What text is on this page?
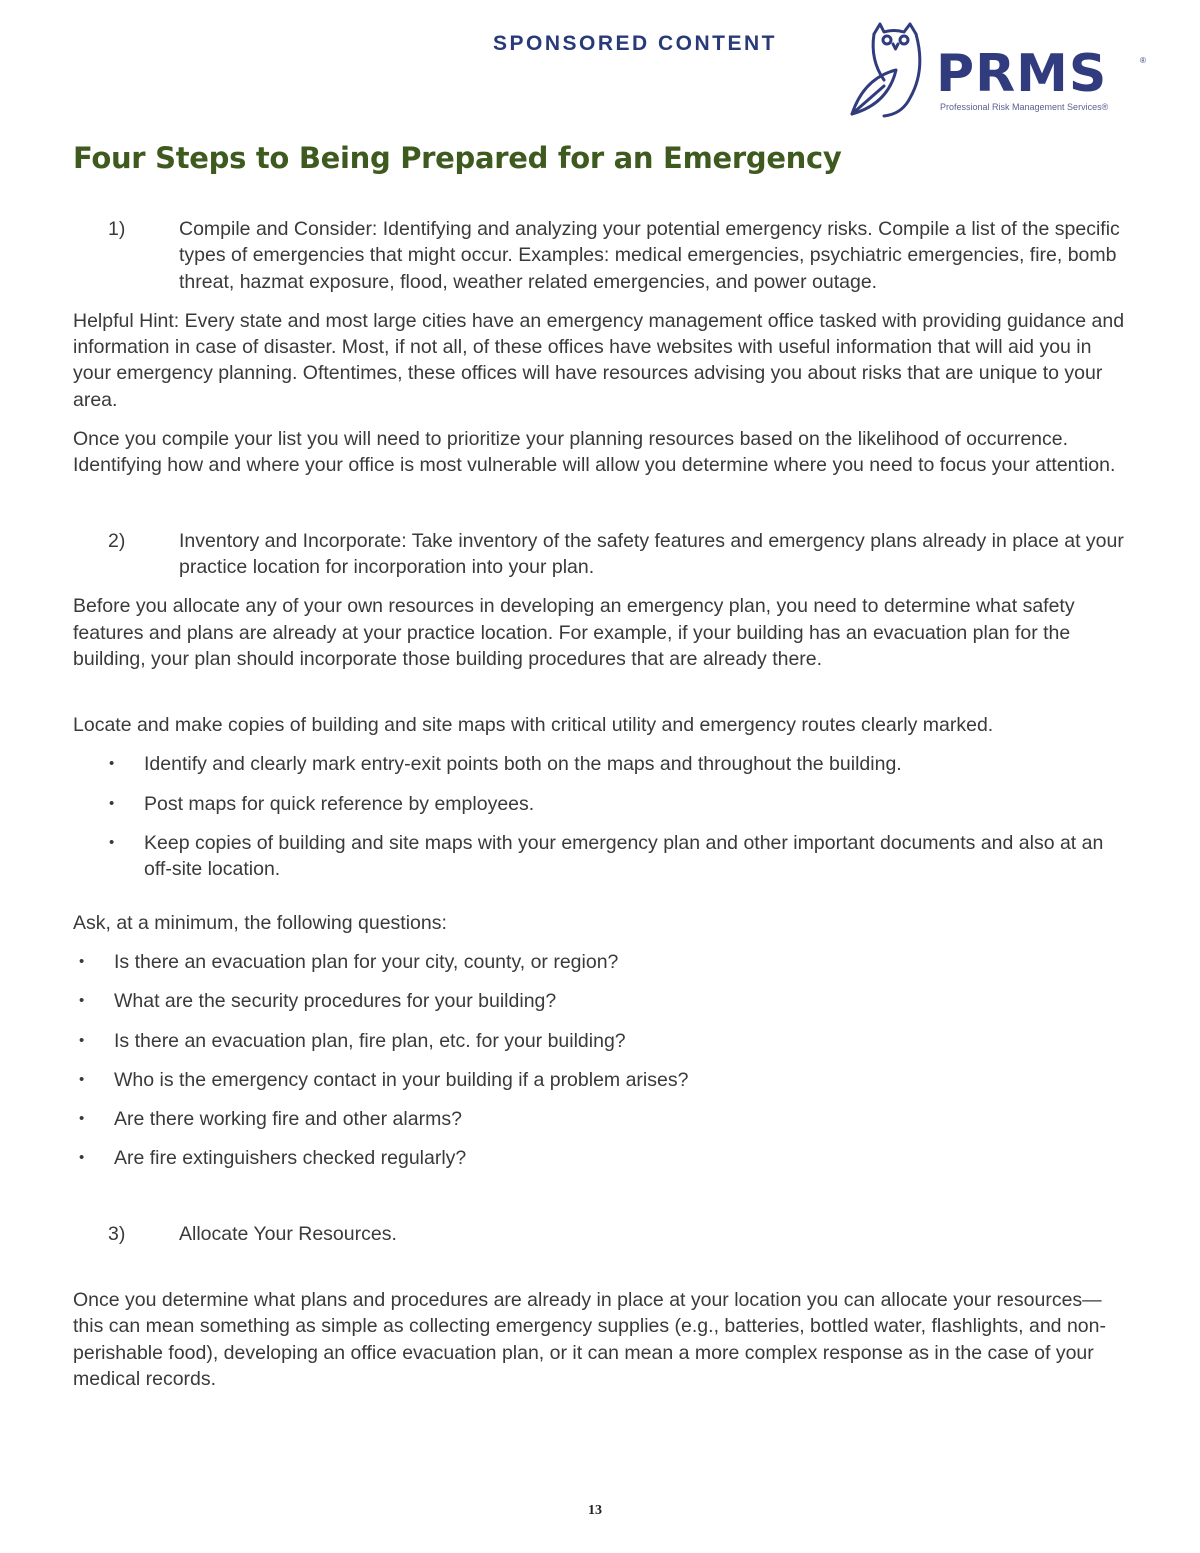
SPONSORED CONTENT
PRMS	®
Professional Risk Management Services®
Four Steps to Being Prepared for an Emergency
1)	Compile and Consider: Identifying and analyzing your potential emergency risks. Compile a list of the specific types of emergencies that might occur. Examples: medical emergencies, psychiatric emergencies, fire, bomb threat, hazmat exposure, flood, weather related emergencies, and power outage.

Helpful Hint: Every state and most large cities have an emergency management office tasked with providing guidance and information in case of disaster. Most, if not all, of these offices have websites with useful information that will aid you in your emergency planning. Oftentimes, these offices will have resources advising you about risks that are unique to your area.

Once you compile your list you will need to prioritize your planning resources based on the likelihood of occurrence. Identifying how and where your office is most vulnerable will allow you determine where you need to focus your attention.

2)	Inventory and Incorporate: Take inventory of the safety features and emergency plans already in place at your practice location for incorporation into your plan.

Before you allocate any of your own resources in developing an emergency plan, you need to determine what safety features and plans are already at your practice location. For example, if your building has an evacuation plan for the building, your plan should incorporate those building procedures that are already there.

Locate and make copies of building and site maps with critical utility and emergency routes clearly marked.

•	Identify and clearly mark entry-exit points both on the maps and throughout the building.
•	Post maps for quick reference by employees.
•	Keep copies of building and site maps with your emergency plan and other important documents and also at an off-site location.

Ask, at a minimum, the following questions:

•	Is there an evacuation plan for your city, county, or region?
•	What are the security procedures for your building?
•	Is there an evacuation plan, fire plan, etc. for your building?
•	Who is the emergency contact in your building if a problem arises?
•	Are there working fire and other alarms?
•	Are fire extinguishers checked regularly?
3)	Allocate Your Resources.

Once you determine what plans and procedures are already in place at your location you can allocate your resources—this can mean something as simple as collecting emergency supplies (e.g., batteries, bottled water, flashlights, and non-perishable food), developing an office evacuation plan, or it can mean a more complex response as in the case of your medical records.

13
